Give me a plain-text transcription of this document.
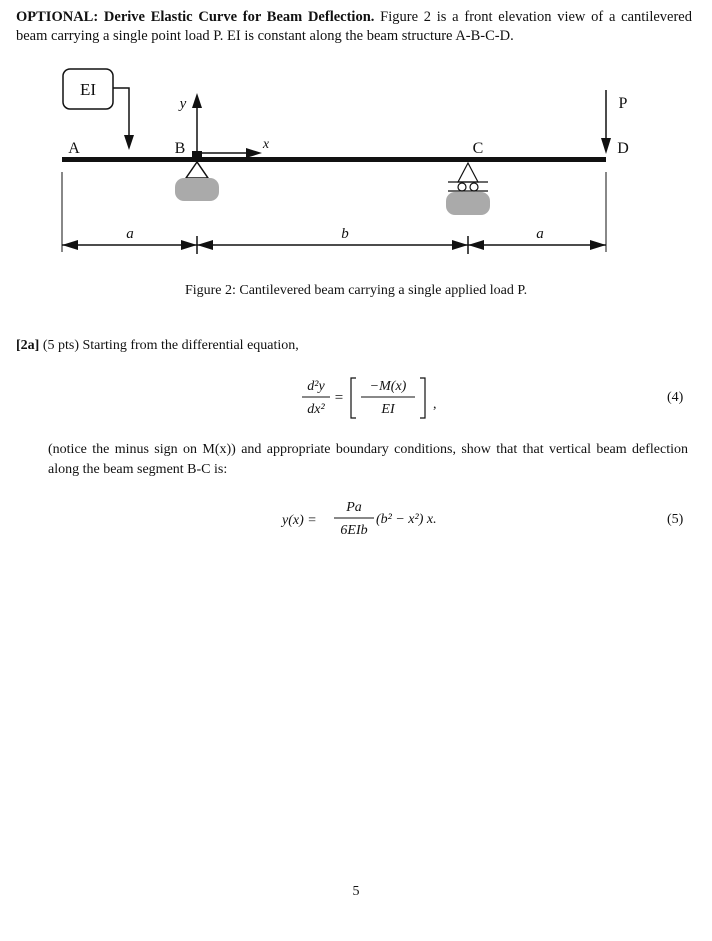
OPTIONAL: Derive Elastic Curve for Beam Deflection. Figure 2 is a front elevation view of a cantilevered beam carrying a single point load P. EI is constant along the beam structure A-B-C-D.
EI
A	B	C	D
P
y
x
a	b	a
Figure 2: Cantilevered beam carrying a single applied load P.
[2a] (5 pts) Starting from the differential equation,
d²y
dx²
=
−M(x)
EI	,	(4)
(notice the minus sign on M(x)) and appropriate boundary conditions, show that that vertical beam deflection along the beam segment B-C is:
y(x) =
Pa
6EIb
(b² − x²) x.	(5)
5
